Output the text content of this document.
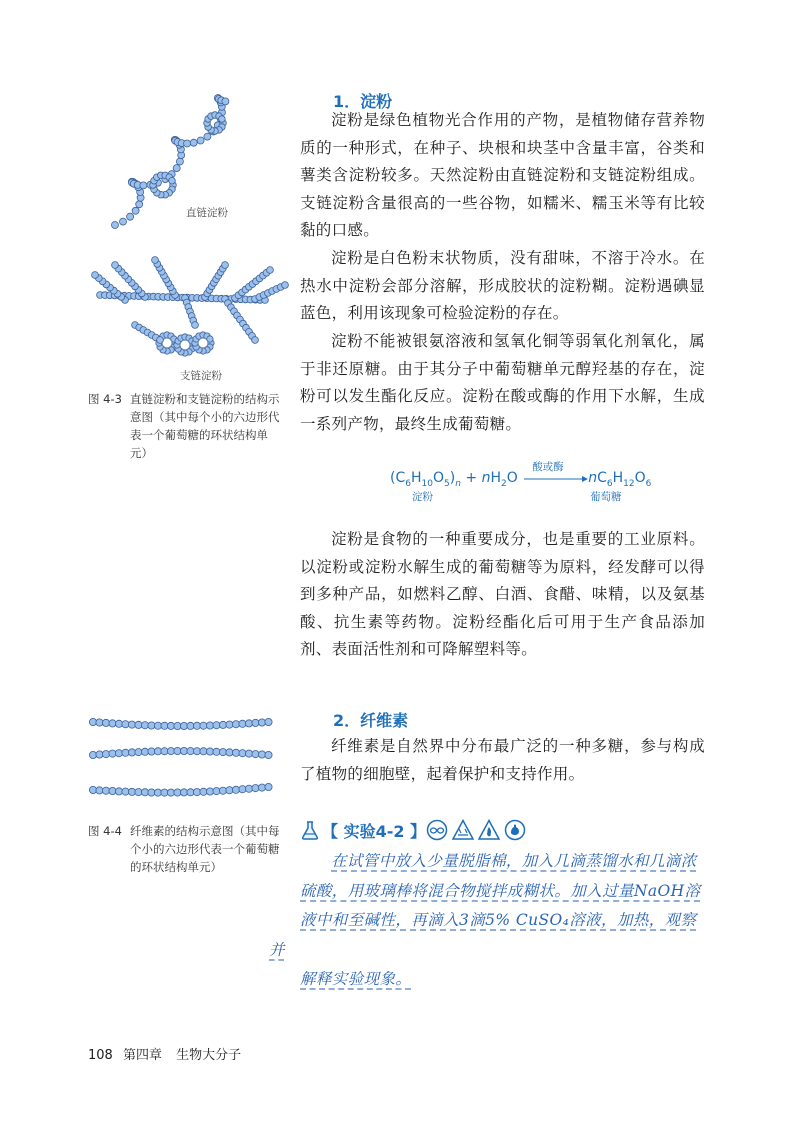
直链淀粉
支链淀粉
图 4-3 直链淀粉和支链淀粉的结构示意图（其中每个小的六边形代表一个葡萄糖的环状结构单元）
1．淀粉

淀粉是绿色植物光合作用的产物，是植物储存营养物质的一种形式，在种子、块根和块茎中含量丰富，谷类和薯类含淀粉较多。天然淀粉由直链淀粉和支链淀粉组成。支链淀粉含量很高的一些谷物，如糯米、糯玉米等有比较黏的口感。

淀粉是白色粉末状物质，没有甜味，不溶于冷水。在热水中淀粉会部分溶解，形成胶状的淀粉糊。淀粉遇碘显蓝色，利用该现象可检验淀粉的存在。

淀粉不能被银氨溶液和氢氧化铜等弱氧化剂氧化，属于非还原糖。由于其分子中葡萄糖单元醇羟基的存在，淀粉可以发生酯化反应。淀粉在酸或酶的作用下水解，生成一系列产物，最终生成葡萄糖。

$(C_6H_{10}O_5)_n + nH_2O$
酸或酶
$nC_6H_{12}O_6$
淀粉	葡萄糖

淀粉是食物的一种重要成分，也是重要的工业原料。以淀粉或淀粉水解生成的葡萄糖等为原料，经发酵可以得到多种产品，如燃料乙醇、白酒、食醋、味精，以及氨基酸、抗生素等药物。淀粉经酯化后可用于生产食品添加剂、表面活性剂和可降解塑料等。

图 4-4 纤维素的结构示意图（其中每个小的六边形代表一个葡萄糖的环状结构单元）
2．纤维素

纤维素是自然界中分布最广泛的一种多糖，参与构成了植物的细胞壁，起着保护和支持作用。

【 实验4-2 】
在试管中放入少量脱脂棉，加入几滴蒸馏水和几滴浓
硫酸，用玻璃棒将混合物搅拌成糊状。加入过量NaOH溶
液中和至碱性，再滴入3滴5% CuSO₄溶液，加热，观察并
解释实验现象。
108 第四章 生物大分子
